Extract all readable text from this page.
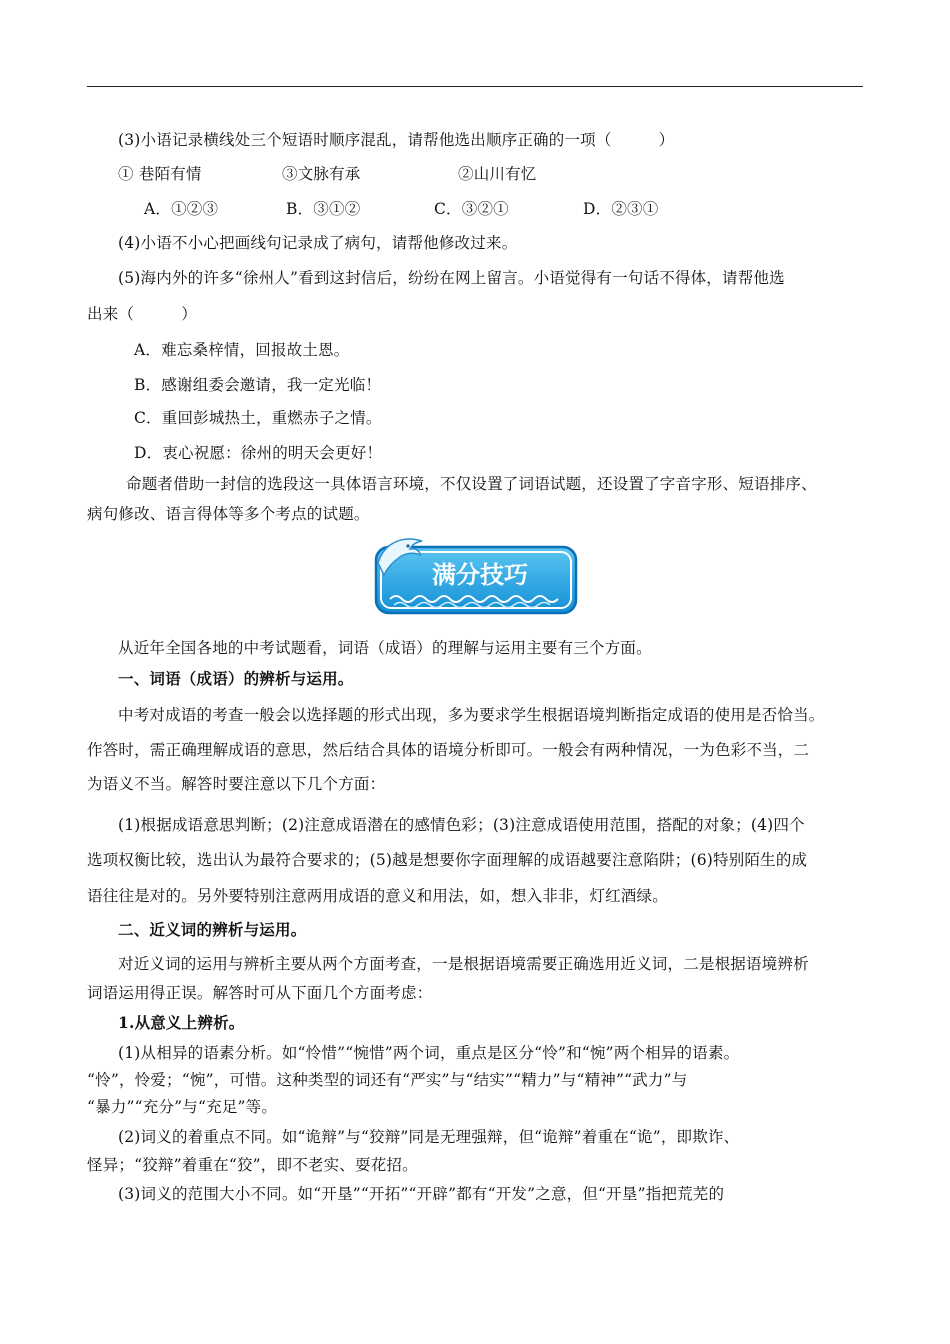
(3)小语记录横线处三个短语时顺序混乱，请帮他选出顺序正确的一项（　　　）
① 巷陌有情	③文脉有承	②山川有忆
A．①②③	B．③①②	C．③②①	D．②③①
(4)小语不小心把画线句记录成了病句，请帮他修改过来。
(5)海内外的许多“徐州人”看到这封信后，纷纷在网上留言。小语觉得有一句话不得体，请帮他选
出来（　　　）
A．难忘桑梓情，回报故土恩。
B．感谢组委会邀请，我一定光临！
C．重回彭城热土，重燃赤子之情。
D．衷心祝愿：徐州的明天会更好！
命题者借助一封信的选段这一具体语言环境，不仅设置了词语试题，还设置了字音字形、短语排序、
病句修改、语言得体等多个考点的试题。
满分技巧
从近年全国各地的中考试题看，词语（成语）的理解与运用主要有三个方面。
一、词语（成语）的辨析与运用。
中考对成语的考查一般会以选择题的形式出现，多为要求学生根据语境判断指定成语的使用是否恰当。
作答时，需正确理解成语的意思，然后结合具体的语境分析即可。一般会有两种情况，一为色彩不当，二
为语义不当。解答时要注意以下几个方面：
(1)根据成语意思判断；(2)注意成语潜在的感情色彩；(3)注意成语使用范围，搭配的对象；(4)四个
选项权衡比较，选出认为最符合要求的；(5)越是想要你字面理解的成语越要注意陷阱；(6)特别陌生的成
语往往是对的。另外要特别注意两用成语的意义和用法，如，想入非非，灯红酒绿。
二、近义词的辨析与运用。
对近义词的运用与辨析主要从两个方面考查，一是根据语境需要正确选用近义词，二是根据语境辨析
词语运用得正误。解答时可从下面几个方面考虑：
1.从意义上辨析。
(1)从相异的语素分析。如“怜惜”“惋惜”两个词，重点是区分“怜”和“惋”两个相异的语素。
“怜”，怜爱；“惋”，可惜。这种类型的词还有“严实”与“结实”“精力”与“精神”“武力”与
“暴力”“充分”与“充足”等。
(2)词义的着重点不同。如“诡辩”与“狡辩”同是无理强辩，但“诡辩”着重在“诡”，即欺诈、
怪异；“狡辩”着重在“狡”，即不老实、耍花招。
(3)词义的范围大小不同。如“开垦”“开拓”“开辟”都有“开发”之意，但“开垦”指把荒芜的
